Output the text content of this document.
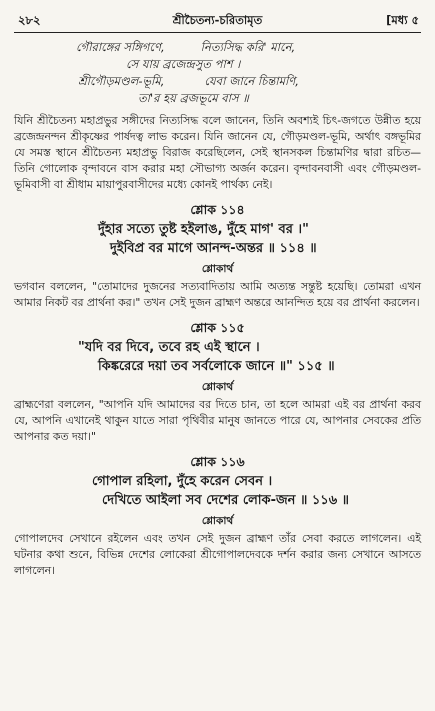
২৮২	শ্রীচৈতন্য-চরিতামৃত	[মধ্য ৫
গৌরাঙ্গের সঙ্গিগণে,	নিত্যসিদ্ধ করি' মানে,
সে যায় ব্রজেন্দ্রসুত পাশ ।
শ্রীগৌড়মণ্ডল-ভূমি,	যেবা জানে চিন্তামণি,
তা'র হয় ব্রজভূমে বাস ॥

যিনি শ্রীচৈতন্য মহাপ্রভুর সঙ্গীদের নিত্যসিদ্ধ বলে জানেন, তিনি অবশ্যই চিৎ-জগতে উন্নীত হয়ে ব্রজেন্দ্রনন্দন শ্রীকৃষ্ণের পার্ষদত্ব লাভ করেন। যিনি জানেন যে, গৌড়মণ্ডল-ভূমি, অর্থাৎ বঙ্গভূমির যে সমস্ত স্থানে শ্রীচৈতন্য মহাপ্রভু বিরাজ করেছিলেন, সেই স্থানসকল চিন্তামণির দ্বারা রচিত—তিনি গোলোক বৃন্দাবনে বাস করার মহা সৌভাগ্য অর্জন করেন। বৃন্দাবনবাসী এবং গৌড়মণ্ডল-ভূমিবাসী বা শ্রীধাম মায়াপুরবাসীদের মধ্যে কোনই পার্থক্য নেই।

শ্লোক ১১৪
দুঁহার সত্যে তুষ্ট হইলাঙ, দুঁহে মাগ' বর ।"
দুইবিপ্র বর মাগে আনন্দ-অন্তর ॥ ১১৪ ॥
শ্লোকার্থ
ভগবান বললেন, "তোমাদের দুজনের সত্যবাদিতায় আমি অত্যন্ত সন্তুষ্ট হয়েছি। তোমরা এখন আমার নিকট বর প্রার্থনা কর।" তখন সেই দুজন ব্রাহ্মণ অন্তরে আনন্দিত হয়ে বর প্রার্থনা করলেন।
শ্লোক ১১৫
"যদি বর দিবে, তবে রহ এই স্থানে ।
কিঙ্করেরে দয়া তব সর্বলোকে জানে ॥" ১১৫ ॥
শ্লোকার্থ
ব্রাহ্মণেরা বললেন, "আপনি যদি আমাদের বর দিতে চান, তা হলে আমরা এই বর প্রার্থনা করব যে, আপনি এখানেই থাকুন যাতে সারা পৃথিবীর মানুষ জানতে পারে যে, আপনার সেবকের প্রতি আপনার কত দয়া।"
শ্লোক ১১৬
গোপাল রহিলা, দুঁহে করেন সেবন ।
দেখিতে আইলা সব দেশের লোক-জন ॥ ১১৬ ॥
শ্লোকার্থ
গোপালদেব সেখানে রইলেন এবং তখন সেই দুজন ব্রাহ্মণ তাঁর সেবা করতে লাগলেন। এই ঘটনার কথা শুনে, বিভিন্ন দেশের লোকেরা শ্রীগোপালদেবকে দর্শন করার জন্য সেখানে আসতে লাগলেন।
